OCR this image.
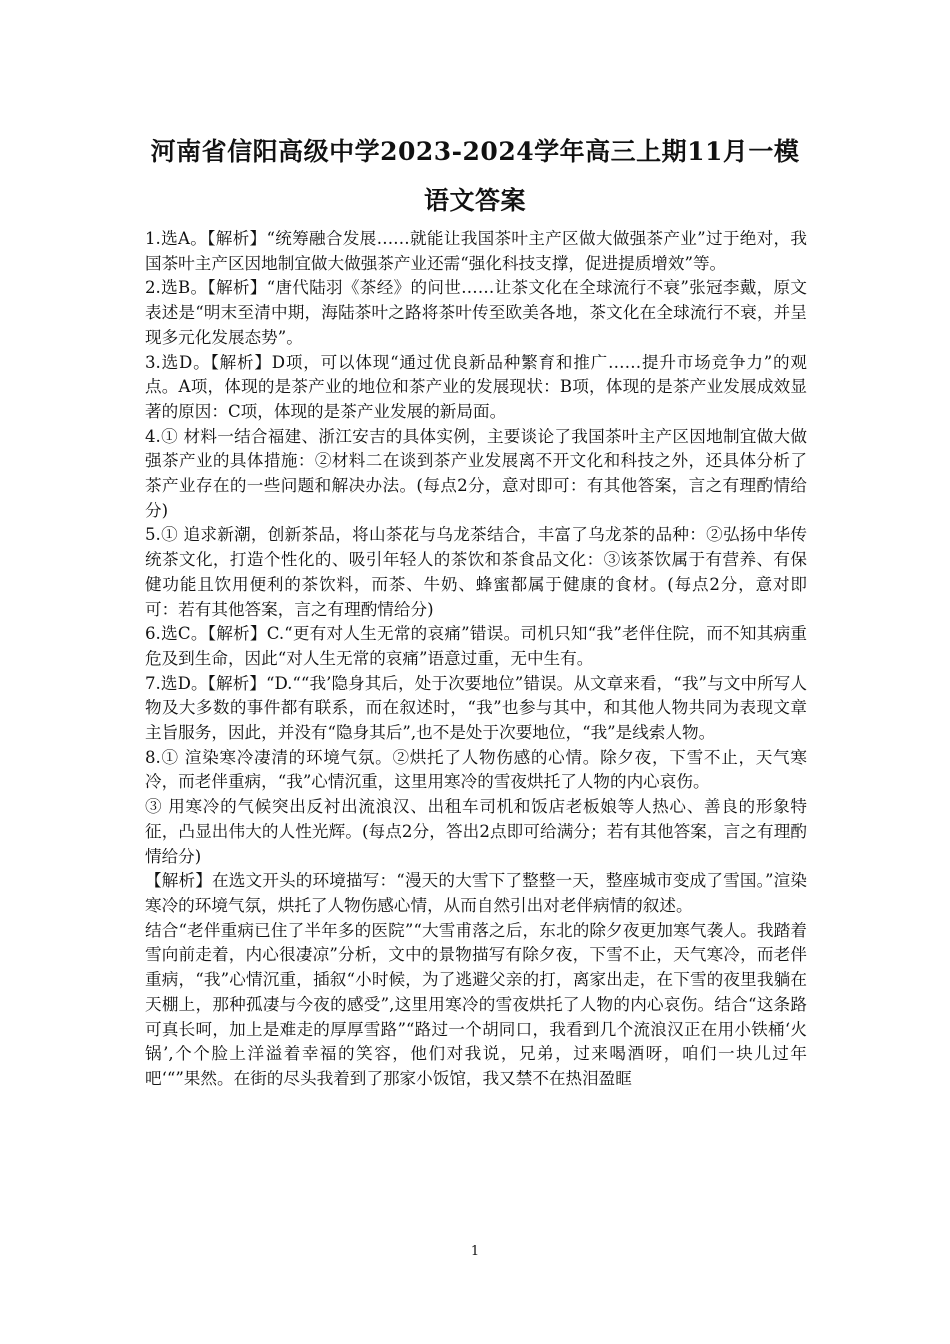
河南省信阳高级中学2023-2024学年高三上期11月一模
语文答案

1.选A。【解析】“统筹融合发展……就能让我国茶叶主产区做大做强茶产业”过于绝对，我国茶叶主产区因地制宜做大做强茶产业还需“强化科技支撑，促进提质增效”等。

2.选B。【解析】“唐代陆羽《茶经》的问世……让茶文化在全球流行不衰”张冠李戴，原文表述是“明末至清中期，海陆茶叶之路将茶叶传至欧美各地，茶文化在全球流行不衰，并呈现多元化发展态势”。

3.选D。【解析】D项，可以体现“通过优良新品种繁育和推广……提升市场竞争力”的观点。A项，体现的是茶产业的地位和茶产业的发展现状：B项，体现的是茶产业发展成效显著的原因：C项，体现的是茶产业发展的新局面。

4.① 材料一结合福建、浙江安吉的具体实例，主要谈论了我国茶叶主产区因地制宜做大做强茶产业的具体措施：②材料二在谈到茶产业发展离不开文化和科技之外，还具体分析了茶产业存在的一些问题和解决办法。(每点2分，意对即可：有其他答案，言之有理酌情给分)

5.① 追求新潮，创新茶品，将山茶花与乌龙茶结合，丰富了乌龙茶的品种：②弘扬中华传统茶文化，打造个性化的、吸引年轻人的茶饮和茶食品文化：③该茶饮属于有营养、有保健功能且饮用便利的茶饮料，而茶、牛奶、蜂蜜都属于健康的食材。(每点2分，意对即可：若有其他答案，言之有理酌情给分)

6.选C。【解析】C.“更有对人生无常的哀痛”错误。司机只知“我”老伴住院，而不知其病重危及到生命，因此“对人生无常的哀痛”语意过重，无中生有。

7.选D。【解析】“D.““我’隐身其后，处于次要地位”错误。从文章来看，“我”与文中所写人物及大多数的事件都有联系，而在叙述时，“我”也参与其中，和其他人物共同为表现文章主旨服务，因此，并没有“隐身其后”,也不是处于次要地位，“我”是线索人物。

8.① 渲染寒冷凄清的环境气氛。②烘托了人物伤感的心情。除夕夜，下雪不止，天气寒冷，而老伴重病，“我”心情沉重，这里用寒冷的雪夜烘托了人物的内心哀伤。

③ 用寒冷的气候突出反衬出流浪汉、出租车司机和饭店老板娘等人热心、善良的形象特征，凸显出伟大的人性光辉。(每点2分，答出2点即可给满分；若有其他答案，言之有理酌情给分)

【解析】在选文开头的环境描写：“漫天的大雪下了整整一天，整座城市变成了雪国。”渲染寒冷的环境气氛，烘托了人物伤感心情，从而自然引出对老伴病情的叙述。

结合“老伴重病已住了半年多的医院”“大雪甫落之后，东北的除夕夜更加寒气袭人。我踏着雪向前走着，内心很凄凉”分析，文中的景物描写有除夕夜，下雪不止，天气寒冷，而老伴重病，“我”心情沉重，插叙“小时候，为了逃避父亲的打，离家出走，在下雪的夜里我躺在天棚上，那种孤凄与今夜的感受”,这里用寒冷的雪夜烘托了人物的内心哀伤。结合“这条路可真长呵，加上是难走的厚厚雪路”“路过一个胡同口，我看到几个流浪汉正在用小铁桶‘火锅’,个个脸上洋溢着幸福的笑容，他们对我说，兄弟，过来喝酒呀，咱们一块儿过年吧‘“”果然。在街的尽头我着到了那家小饭馆，我又禁不在热泪盈眶

1
